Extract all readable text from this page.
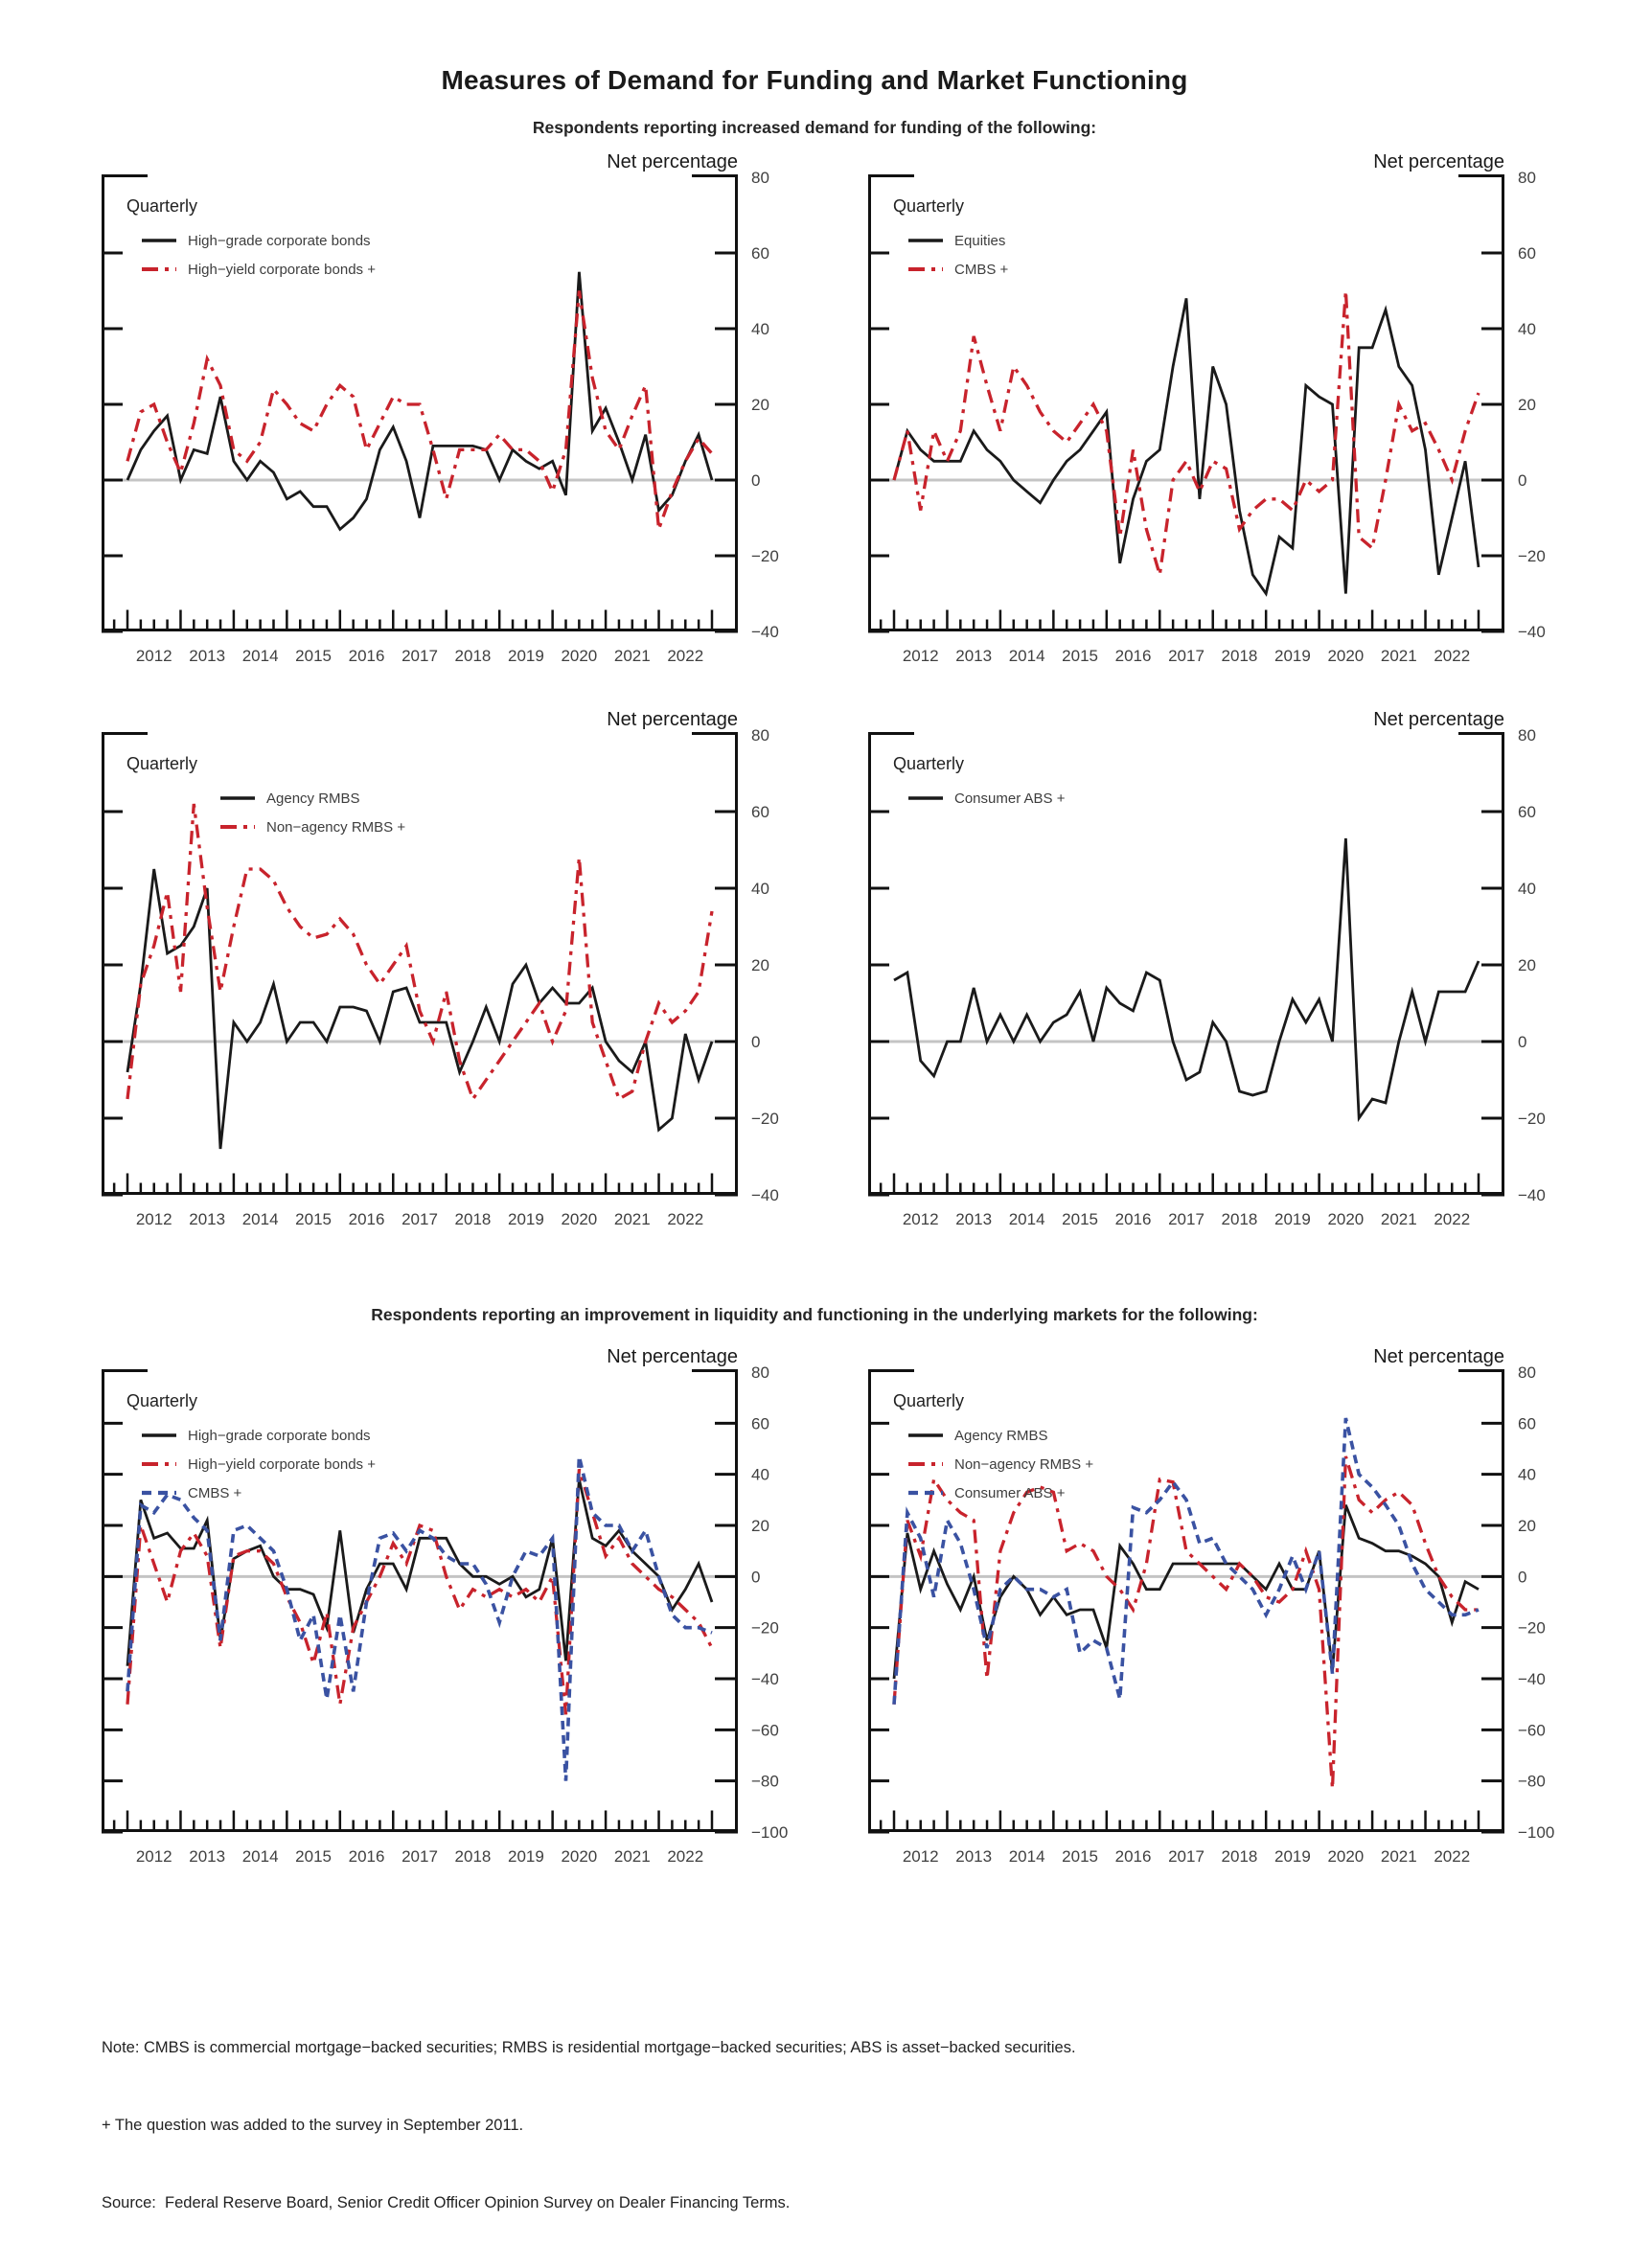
80
60
40
20
0
−20
−40
2012 2013 2014 2015 2016 2017 2018 2019 2020 2021 2022
Net percentage
Quarterly
High−grade corporate bonds
High−yield corporate bonds +
80
60
40
20
0
−20
−40
2012 2013 2014 2015 2016 2017 2018 2019 2020 2021 2022
Net percentage
Quarterly
Equities
CMBS +
80
60
40
20
0
−20
−40
2012 2013 2014 2015 2016 2017 2018 2019 2020 2021 2022
Net percentage
Quarterly
Agency RMBS
Non−agency RMBS +
80
60
40
20
0
−20
−40
2012 2013 2014 2015 2016 2017 2018 2019 2020 2021 2022
Net percentage
Quarterly
Consumer ABS +
80
60
40
20
0
−20
−40
−60
−80
−100
2012 2013 2014 2015 2016 2017 2018 2019 2020 2021 2022
Net percentage
Quarterly
High−grade corporate bonds
High−yield corporate bonds +
CMBS +
80
60
40
20
0
−20
−40
−60
−80
−100
2012 2013 2014 2015 2016 2017 2018 2019 2020 2021 2022
Net percentage
Quarterly
Agency RMBS
Non−agency RMBS +
Consumer ABS +
Measures of Demand for Funding and Market Functioning
Respondents reporting increased demand for funding of the following:
Respondents reporting an improvement in liquidity and functioning in the underlying markets for the following:

Note: CMBS is commercial mortgage−backed securities; RMBS is residential mortgage−backed securities; ABS is asset−backed securities.

+ The question was added to the survey in September 2011.

Source:  Federal Reserve Board, Senior Credit Officer Opinion Survey on Dealer Financing Terms.
